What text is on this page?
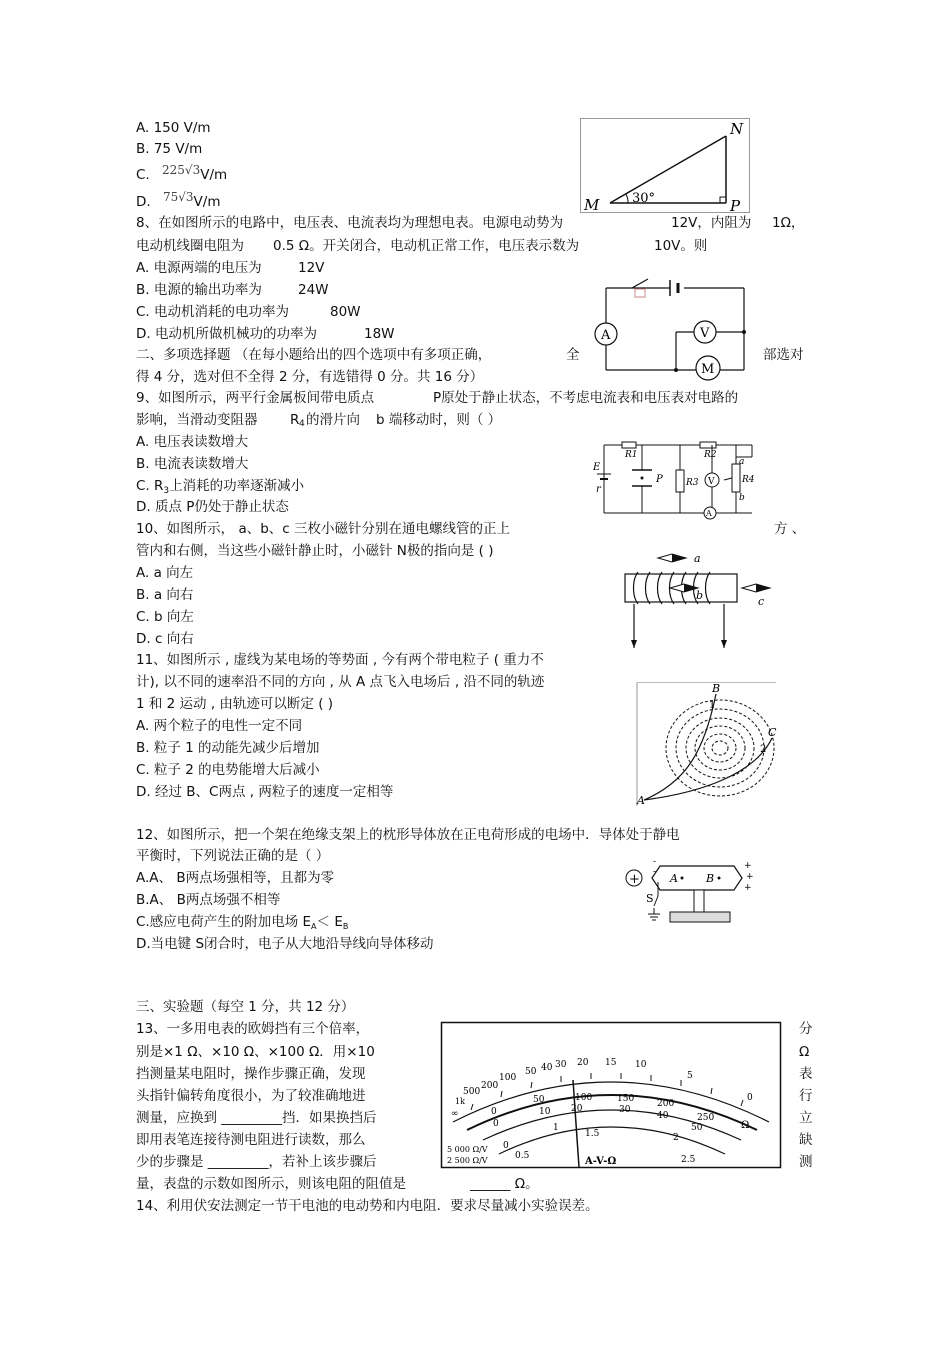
A. 150 V/m
B. 75 V/m
C. 225√3V/m
D. 75√3V/m	M
N
P
30°
8、在如图所示的电路中，电压表、电流表均为理想电表。电源电动势为	12V，内阻为 1Ω，
电动机线圈电阻为 0.5 Ω。开关闭合，电动机正常工作，电压表示数为	10V。则
A. 电源两端的电压为	12V
B. 电源的输出功率为	24W
C. 电动机消耗的电功率为	80W
D. 电动机所做机械功的功率为	18W	A
M
V
二、多项选择题 （在每小题给出的四个选项中有多项正确，	全	部选对
得 4 分，选对但不全得 2 分，有选错得 0 分。共 16 分）
9、如图所示，两平行金属板间带电质点	P原处于静止状态，不考虑电流表和电压表对电路的
影响，当滑动变阻器 R 4 的滑片向 b 端移动时，则（ ）
A. 电压表读数增大
B. 电流表读数增大
C. $R_3$上消耗的功率逐渐减小
D. 质点 P仍处于静止状态
R1	R2
E
r
P	R3 V
a
R4
b
A
10、如图所示， a、b、c 三枚小磁针分别在通电螺线管的正上	方 、
管内和右侧，当这些小磁针静止时，小磁针 N极的指向是 ( )
A. a 向左
B. a 向右
C. b 向左
D. c 向右
a
b	c
11、如图所示 , 虚线为某电场的等势面 , 今有两个带电粒子 ( 重力不
计), 以不同的速率沿不同的方向 , 从 A 点飞入电场后 , 沿不同的轨迹
1 和 2 运动 , 由轨迹可以断定 ( )
A. 两个粒子的电性一定不同
B. 粒子 1 的动能先减少后增加
C. 粒子 2 的电势能增大后减小
D. 经过 B、C两点 , 两粒子的速度一定相等
A
B
C
1
2
12、如图所示，把一个架在绝缘支架上的枕形导体放在正电荷形成的电场中．导体处于静电
平衡时，下列说法正确的是（ ）
A.A、 B两点场强相等，且都为零
B.A、 B两点场强不相等
C.感应电荷产生的附加电场 $E_A< E_B$
D.当电键 S闭合时，电子从大地沿导线向导体移动
+	A	B
-
-
+
+
+
S
三、实验题（每空 1 分，共 12 分）
13、一多用电表的欧姆挡有三个倍率，
别是×1 Ω、×10 Ω、×100 Ω．用×10
挡测量某电阻时，操作步骤正确，发现
头指针偏转角度很小，为了较准确地进
测量，应换到 _________挡．如果换挡后
即用表笔连接待测电阻进行读数，那么
少的步骤是 _________，若补上该步骤后
分
Ω
表
行
立
缺
测
量，表盘的示数如图所示，则该电阻的阻值是	______ Ω。
∞
500
1k
200
100
50 40 30 20 15 10
5
0
0
50	100	150	200
250
0
10 20	30
40
50
0
0.5
1
1.5	2
2.5
Ω
5 000 Ω/V
2 500 Ω/V	A-V-Ω
14、利用伏安法测定一节干电池的电动势和内电阻．要求尽量减小实验误差。
